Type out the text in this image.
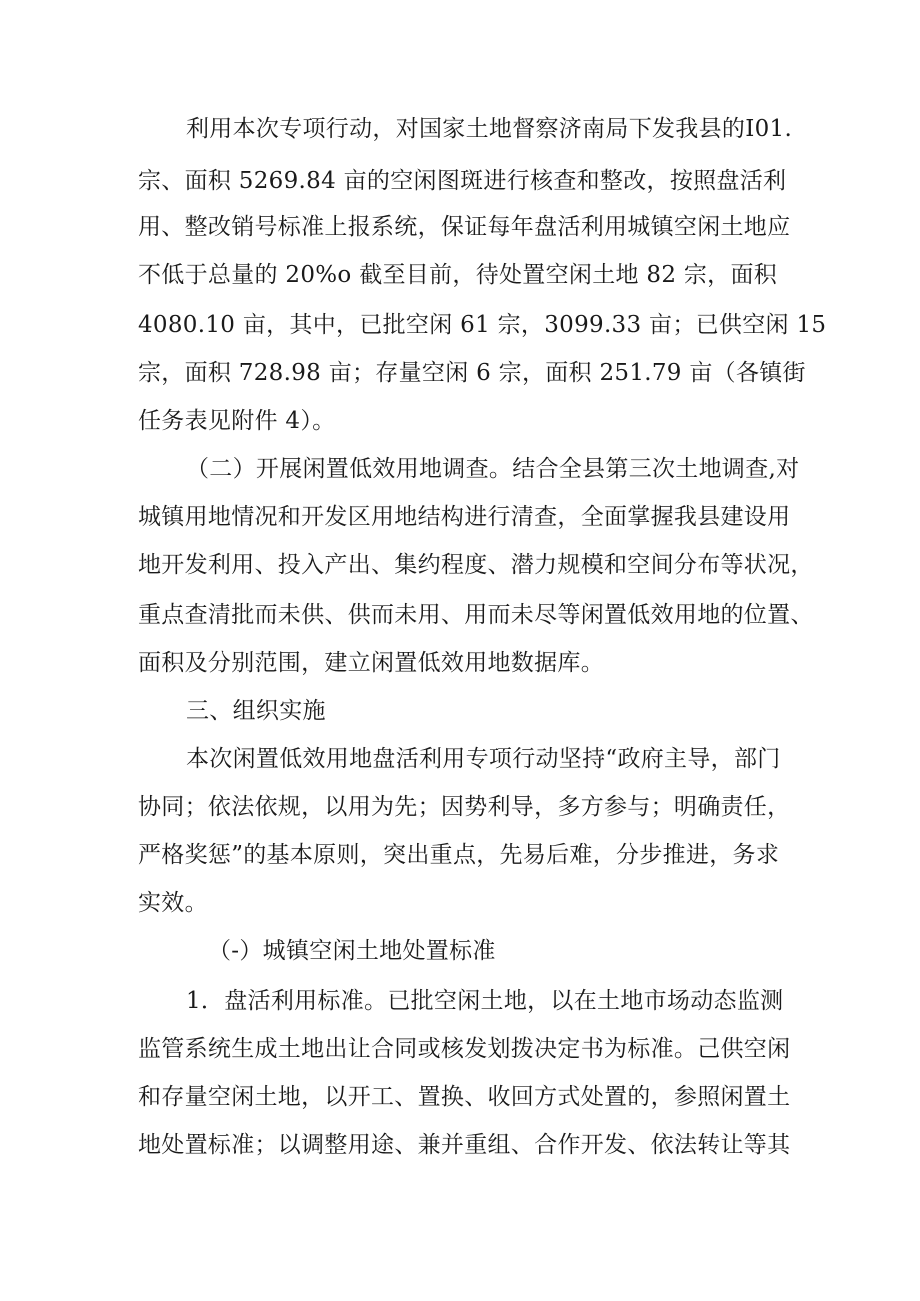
利用本次专项行动，对国家土地督察济南局下发我县的I01.
宗、面积 5269.84 亩的空闲图斑进行核查和整改，按照盘活利
用、整改销号标准上报系统，保证每年盘活利用城镇空闲土地应
不低于总量的 20%o 截至目前，待处置空闲土地 82 宗，面积
4080.10 亩，其中，已批空闲 61 宗，3099.33 亩；已供空闲 15
宗，面积 728.98 亩；存量空闲 6 宗，面积 251.79 亩（各镇街
任务表见附件 4）。
（二）开展闲置低效用地调查。结合全县第三次土地调查,对
城镇用地情况和开发区用地结构进行清查，全面掌握我县建设用
地开发利用、投入产出、集约程度、潜力规模和空间分布等状况，
重点查清批而未供、供而未用、用而未尽等闲置低效用地的位置、
面积及分别范围，建立闲置低效用地数据库。
三、组织实施
本次闲置低效用地盘活利用专项行动坚持“政府主导，部门
协同；依法依规，以用为先；因势利导，多方参与；明确责任，
严格奖惩”的基本原则，突出重点，先易后难，分步推进，务求
实效。
（-）城镇空闲土地处置标准
1．盘活利用标准。已批空闲土地，以在土地市场动态监测
监管系统生成土地出让合同或核发划拨决定书为标准。己供空闲
和存量空闲土地，以开工、置换、收回方式处置的，参照闲置土
地处置标准；以调整用途、兼并重组、合作开发、依法转让等其
